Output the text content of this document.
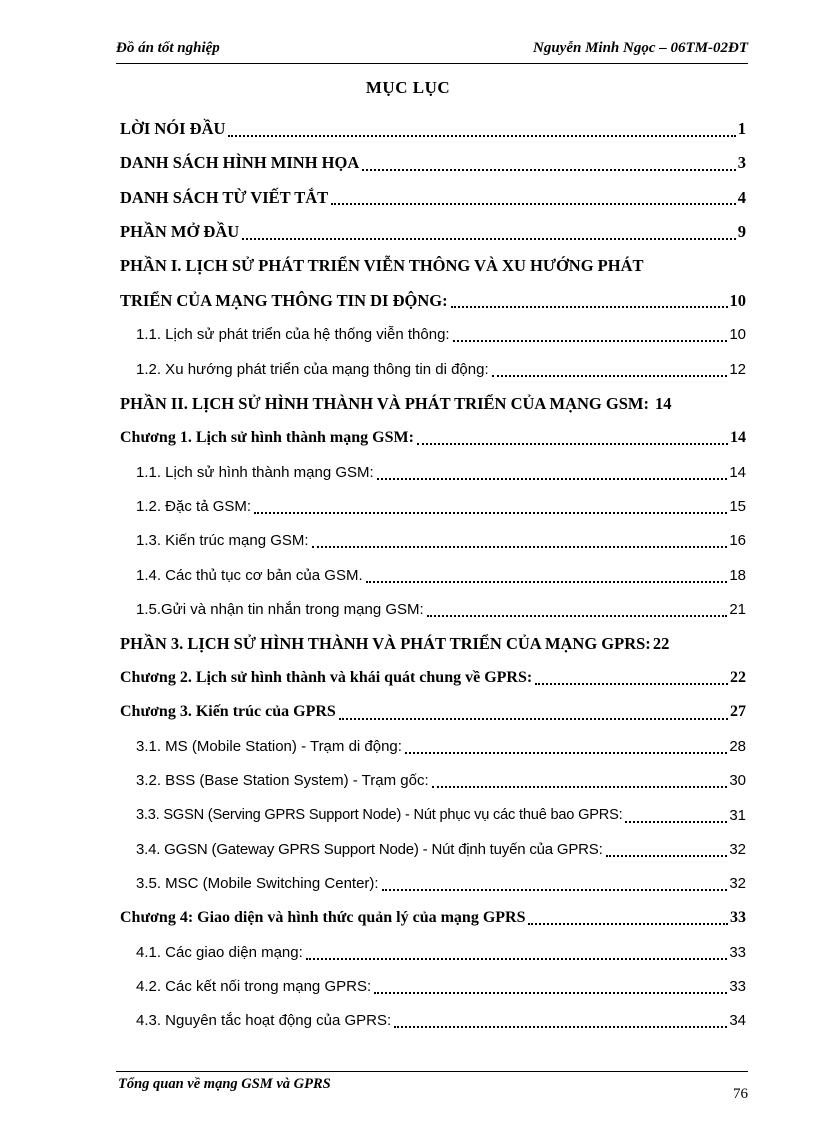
Đồ án tốt nghiệp	Nguyễn Minh Ngọc – 06TM-02ĐT
MỤC LỤC
LỜI NÓI ĐẦU	1
DANH SÁCH HÌNH MINH HỌA	3
DANH SÁCH TỪ VIẾT TẮT	4
PHẦN MỞ ĐẦU	9
PHẦN I. LỊCH SỬ PHÁT TRIỂN VIỄN THÔNG VÀ XU HƯỚNG PHÁT
TRIỂN CỦA MẠNG THÔNG TIN DI ĐỘNG:	10
1.1. Lịch sử phát triển của hệ thống viễn thông:	10
1.2. Xu hướng phát triển của mạng thông tin di động:	12
PHẦN II. LỊCH SỬ HÌNH THÀNH VÀ PHÁT TRIỂN CỦA MẠNG GSM: 14
Chương 1. Lịch sử hình thành mạng GSM:	14
1.1. Lịch sử hình thành mạng GSM:	14
1.2. Đặc tả GSM:	15
1.3. Kiến trúc mạng GSM:	16
1.4. Các thủ tục cơ bản của GSM.	18
1.5.Gửi và nhận tin nhắn trong mạng GSM:	21
PHẦN 3. LỊCH SỬ HÌNH THÀNH VÀ PHÁT TRIỂN CỦA MẠNG GPRS: 22
Chương 2. Lịch sử hình thành và khái quát chung về GPRS:	22
Chương 3. Kiến trúc của GPRS	27
3.1. MS (Mobile Station) - Trạm di động:	28
3.2. BSS (Base Station System) - Trạm gốc:	30
3.3. SGSN (Serving GPRS Support Node) - Nút phục vụ các thuê bao GPRS:	31
3.4. GGSN (Gateway GPRS Support Node) - Nút định tuyến của GPRS:	32
3.5. MSC (Mobile Switching Center):	32
Chương 4: Giao diện và hình thức quản lý của mạng GPRS	33
4.1. Các giao diện mạng:	33
4.2. Các kết nối trong mạng GPRS:	33
4.3. Nguyên tắc hoạt động của GPRS:	34
Tổng quan về mạng GSM và GPRS
76
